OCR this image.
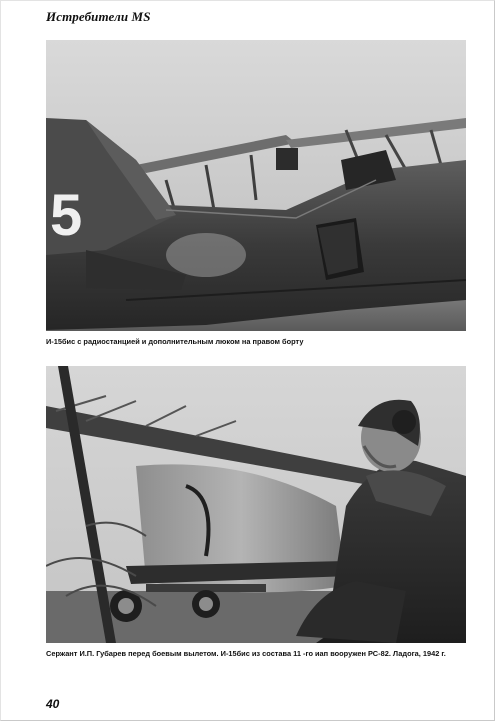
Истребители MS
5
И-15бис с радиостанцией и дополнительным люком на правом борту
Сержант И.П. Губарев перед боевым вылетом. И-15бис из состава 11 -го иап вооружен РС-82. Ладога, 1942 г.
40
